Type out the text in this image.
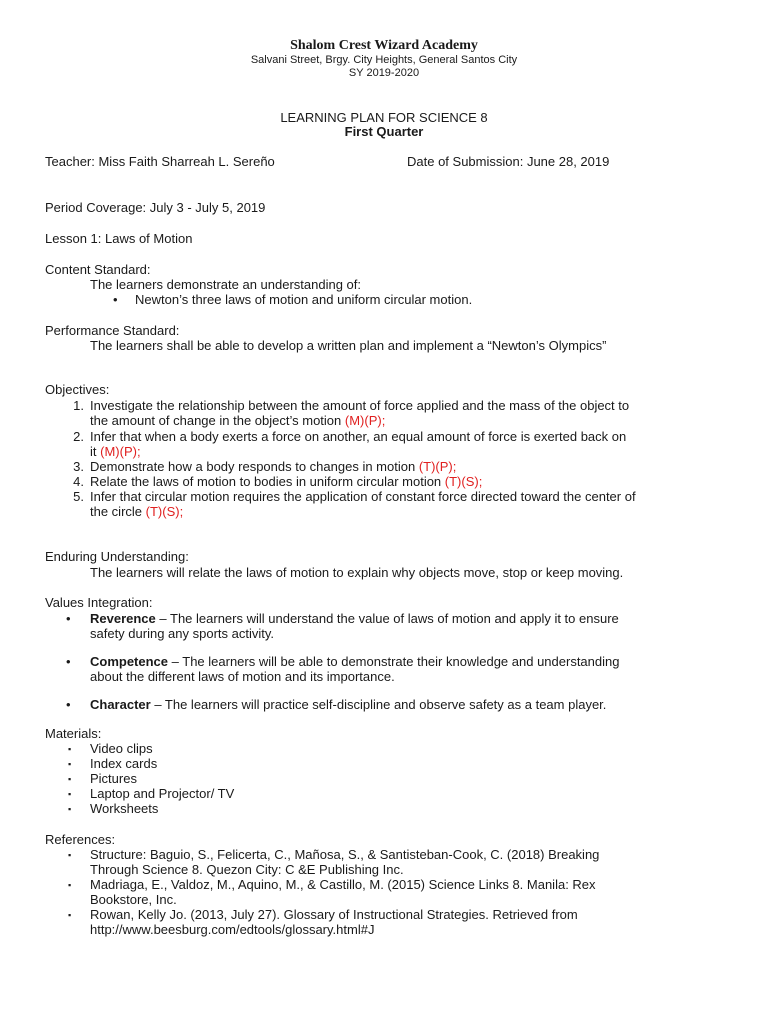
Shalom Crest Wizard Academy
Salvani Street, Brgy. City Heights, General Santos City
SY 2019-2020
LEARNING PLAN FOR SCIENCE 8
First Quarter
Teacher: Miss Faith Sharreah L. Sereño	Date of Submission: June 28, 2019
Period Coverage: July 3 - July 5, 2019
Lesson 1: Laws of Motion
Content Standard:
The learners demonstrate an understanding of:
• Newton’s three laws of motion and uniform circular motion.
Performance Standard:
The learners shall be able to develop a written plan and implement a “Newton’s Olympics”
Objectives:
1. Investigate the relationship between the amount of force applied and the mass of the object to
the amount of change in the object’s motion (M)(P);
2. Infer that when a body exerts a force on another, an equal amount of force is exerted back on
it (M)(P);
3. Demonstrate how a body responds to changes in motion (T)(P);
4. Relate the laws of motion to bodies in uniform circular motion (T)(S);
5. Infer that circular motion requires the application of constant force directed toward the center of
the circle (T)(S);
Enduring Understanding:
The learners will relate the laws of motion to explain why objects move, stop or keep moving.
Values Integration:
• Reverence – The learners will understand the value of laws of motion and apply it to ensure
safety during any sports activity.
• Competence – The learners will be able to demonstrate their knowledge and understanding
about the different laws of motion and its importance.
• Character – The learners will practice self-discipline and observe safety as a team player.
Materials:
▪ Video clips
▪ Index cards
▪ Pictures
▪ Laptop and Projector/ TV
▪ Worksheets
References:
▪ Structure: Baguio, S., Felicerta, C., Mañosa, S., & Santisteban-Cook, C. (2018) Breaking
Through Science 8. Quezon City: C &E Publishing Inc.
▪ Madriaga, E., Valdoz, M., Aquino, M., & Castillo, M. (2015) Science Links 8. Manila: Rex
Bookstore, Inc.
▪ Rowan, Kelly Jo. (2013, July 27). Glossary of Instructional Strategies. Retrieved from
http://www.beesburg.com/edtools/glossary.html#J
